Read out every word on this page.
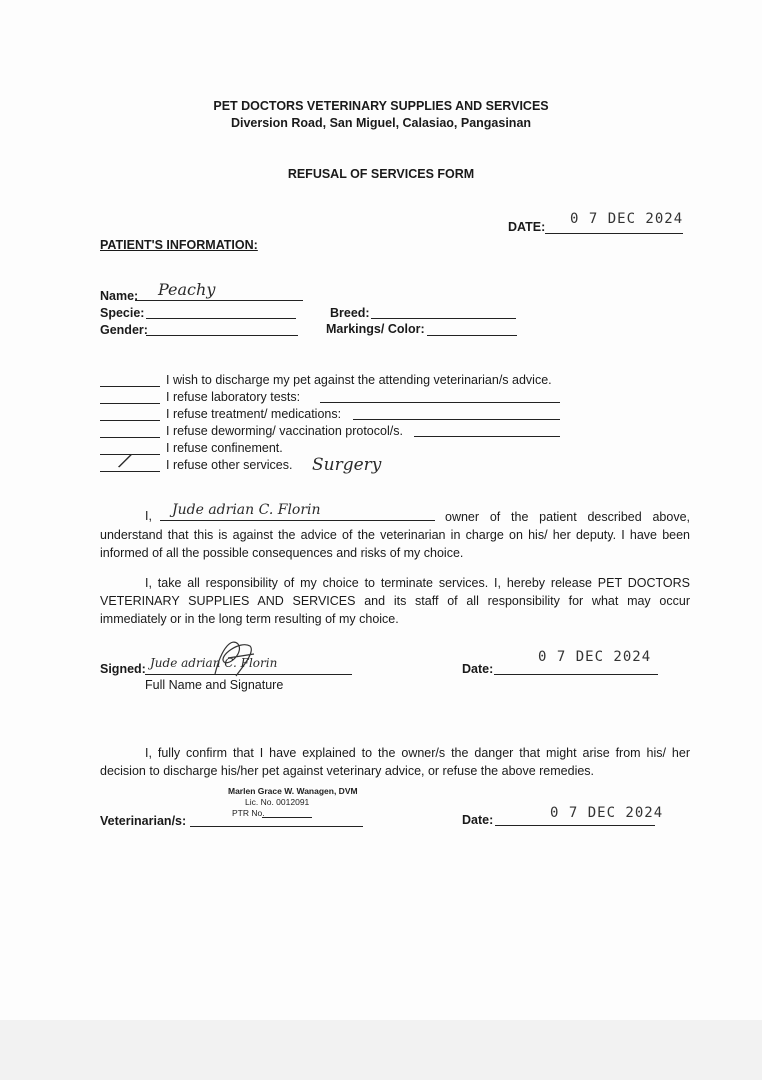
PET DOCTORS VETERINARY SUPPLIES AND SERVICES
Diversion Road, San Miguel, Calasiao, Pangasinan
REFUSAL OF SERVICES FORM
DATE: 0 7 DEC 2024
PATIENT'S INFORMATION:
Name: Peachy
Specie:
Gender:
Breed:
Markings/ Color:
I wish to discharge my pet against the attending veterinarian/s advice.
I refuse laboratory tests:
I refuse treatment/ medications:
I refuse deworming/ vaccination protocol/s.
I refuse confinement.
/	I refuse other services. Surgery
I, Jude adrian C. Florin	owner of the patient described above, understand that this is against the advice of the veterinarian in charge on his/ her deputy. I have been informed of all the possible consequences and risks of my choice.
I, take all responsibility of my choice to terminate services. I, hereby release PET DOCTORS VETERINARY SUPPLIES AND SERVICES and its staff of all responsibility for what may occur immediately or in the long term resulting of my choice.
Signed: Jude adrian C. Florin
Full Name and Signature
Date:
0 7 DEC 2024
I, fully confirm that I have explained to the owner/s the danger that might arise from his/ her decision to discharge his/her pet against veterinary advice, or refuse the above remedies.
Marlen Grace W. Wanagen, DVM
Lic. No. 0012091
PTR No.
Veterinarian/s:	Date:	0 7 DEC 2024
